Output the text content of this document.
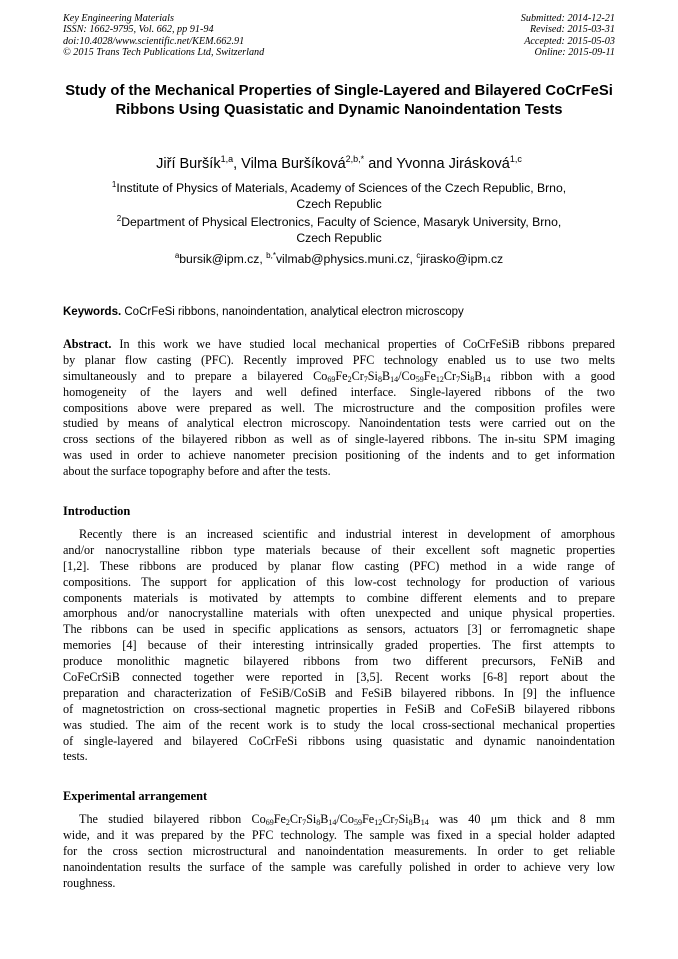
Key Engineering Materials
ISSN: 1662-9795, Vol. 662, pp 91-94
doi:10.4028/www.scientific.net/KEM.662.91
© 2015 Trans Tech Publications Ltd, Switzerland
Submitted: 2014-12-21
Revised: 2015-03-31
Accepted: 2015-05-03
Online: 2015-09-11
Study of the Mechanical Properties of Single-Layered and Bilayered CoCrFeSi Ribbons Using Quasistatic and Dynamic Nanoindentation Tests
Jiří Buršík$^{1,a}$, Vilma Buršíková$^{2,b,*}$ and Yvonna Jirásková$^{1,c}$
$^1$Institute of Physics of Materials, Academy of Sciences of the Czech Republic, Brno,
Czech Republic
$^2$Department of Physical Electronics, Faculty of Science, Masaryk University, Brno,
Czech Republic
$^a$bursik@ipm.cz, $^{b,*}$vilmab@physics.muni.cz, $^c$jirasko@ipm.cz
Keywords. CoCrFeSi ribbons, nanoindentation, analytical electron microscopy
Abstract. In this work we have studied local mechanical properties of CoCrFeSiB ribbons prepared
by planar flow casting (PFC). Recently improved PFC technology enabled us to use two melts
simultaneously and to prepare a bilayered $Co_{69}Fe_2Cr_7Si_8B_{14}/Co_{59}Fe_{12}Cr_7Si_8B_{14}$ ribbon with a good
homogeneity of the layers and well defined interface. Single-layered ribbons of the two
compositions above were prepared as well. The microstructure and the composition profiles were
studied by means of analytical electron microscopy. Nanoindentation tests were carried out on the
cross sections of the bilayered ribbon as well as of single-layered ribbons. The in-situ SPM imaging
was used in order to achieve nanometer precision positioning of the indents and to get information
about the surface topography before and after the tests.
Introduction
Recently there is an increased scientific and industrial interest in development of amorphous
and/or nanocrystalline ribbon type materials because of their excellent soft magnetic properties
[1,2]. These ribbons are produced by planar flow casting (PFC) method in a wide range of
compositions. The support for application of this low-cost technology for production of various
components materials is motivated by attempts to combine different elements and to prepare
amorphous and/or nanocrystalline materials with often unexpected and unique physical properties.
The ribbons can be used in specific applications as sensors, actuators [3] or ferromagnetic shape
memories [4] because of their interesting intrinsically graded properties. The first attempts to
produce monolithic magnetic bilayered ribbons from two different precursors, FeNiB and
CoFeCrSiB connected together were reported in [3,5]. Recent works [6-8] report about the
preparation and characterization of FeSiB/CoSiB and FeSiB bilayered ribbons. In [9] the influence
of magnetostriction on cross-sectional magnetic properties in FeSiB and CoFeSiB bilayered ribbons
was studied. The aim of the recent work is to study the local cross-sectional mechanical properties
of single-layered and bilayered CoCrFeSi ribbons using quasistatic and dynamic nanoindentation
tests.
Experimental arrangement
The studied bilayered ribbon $Co_{69}Fe_2Cr_7Si_8B_{14}/Co_{59}Fe_{12}Cr_7Si_8B_{14}$ was 40 μm thick and 8 mm
wide, and it was prepared by the PFC technology. The sample was fixed in a special holder adapted
for the cross section microstructural and nanoindentation measurements. In order to get reliable
nanoindentation results the surface of the sample was carefully polished in order to achieve very low
roughness.
